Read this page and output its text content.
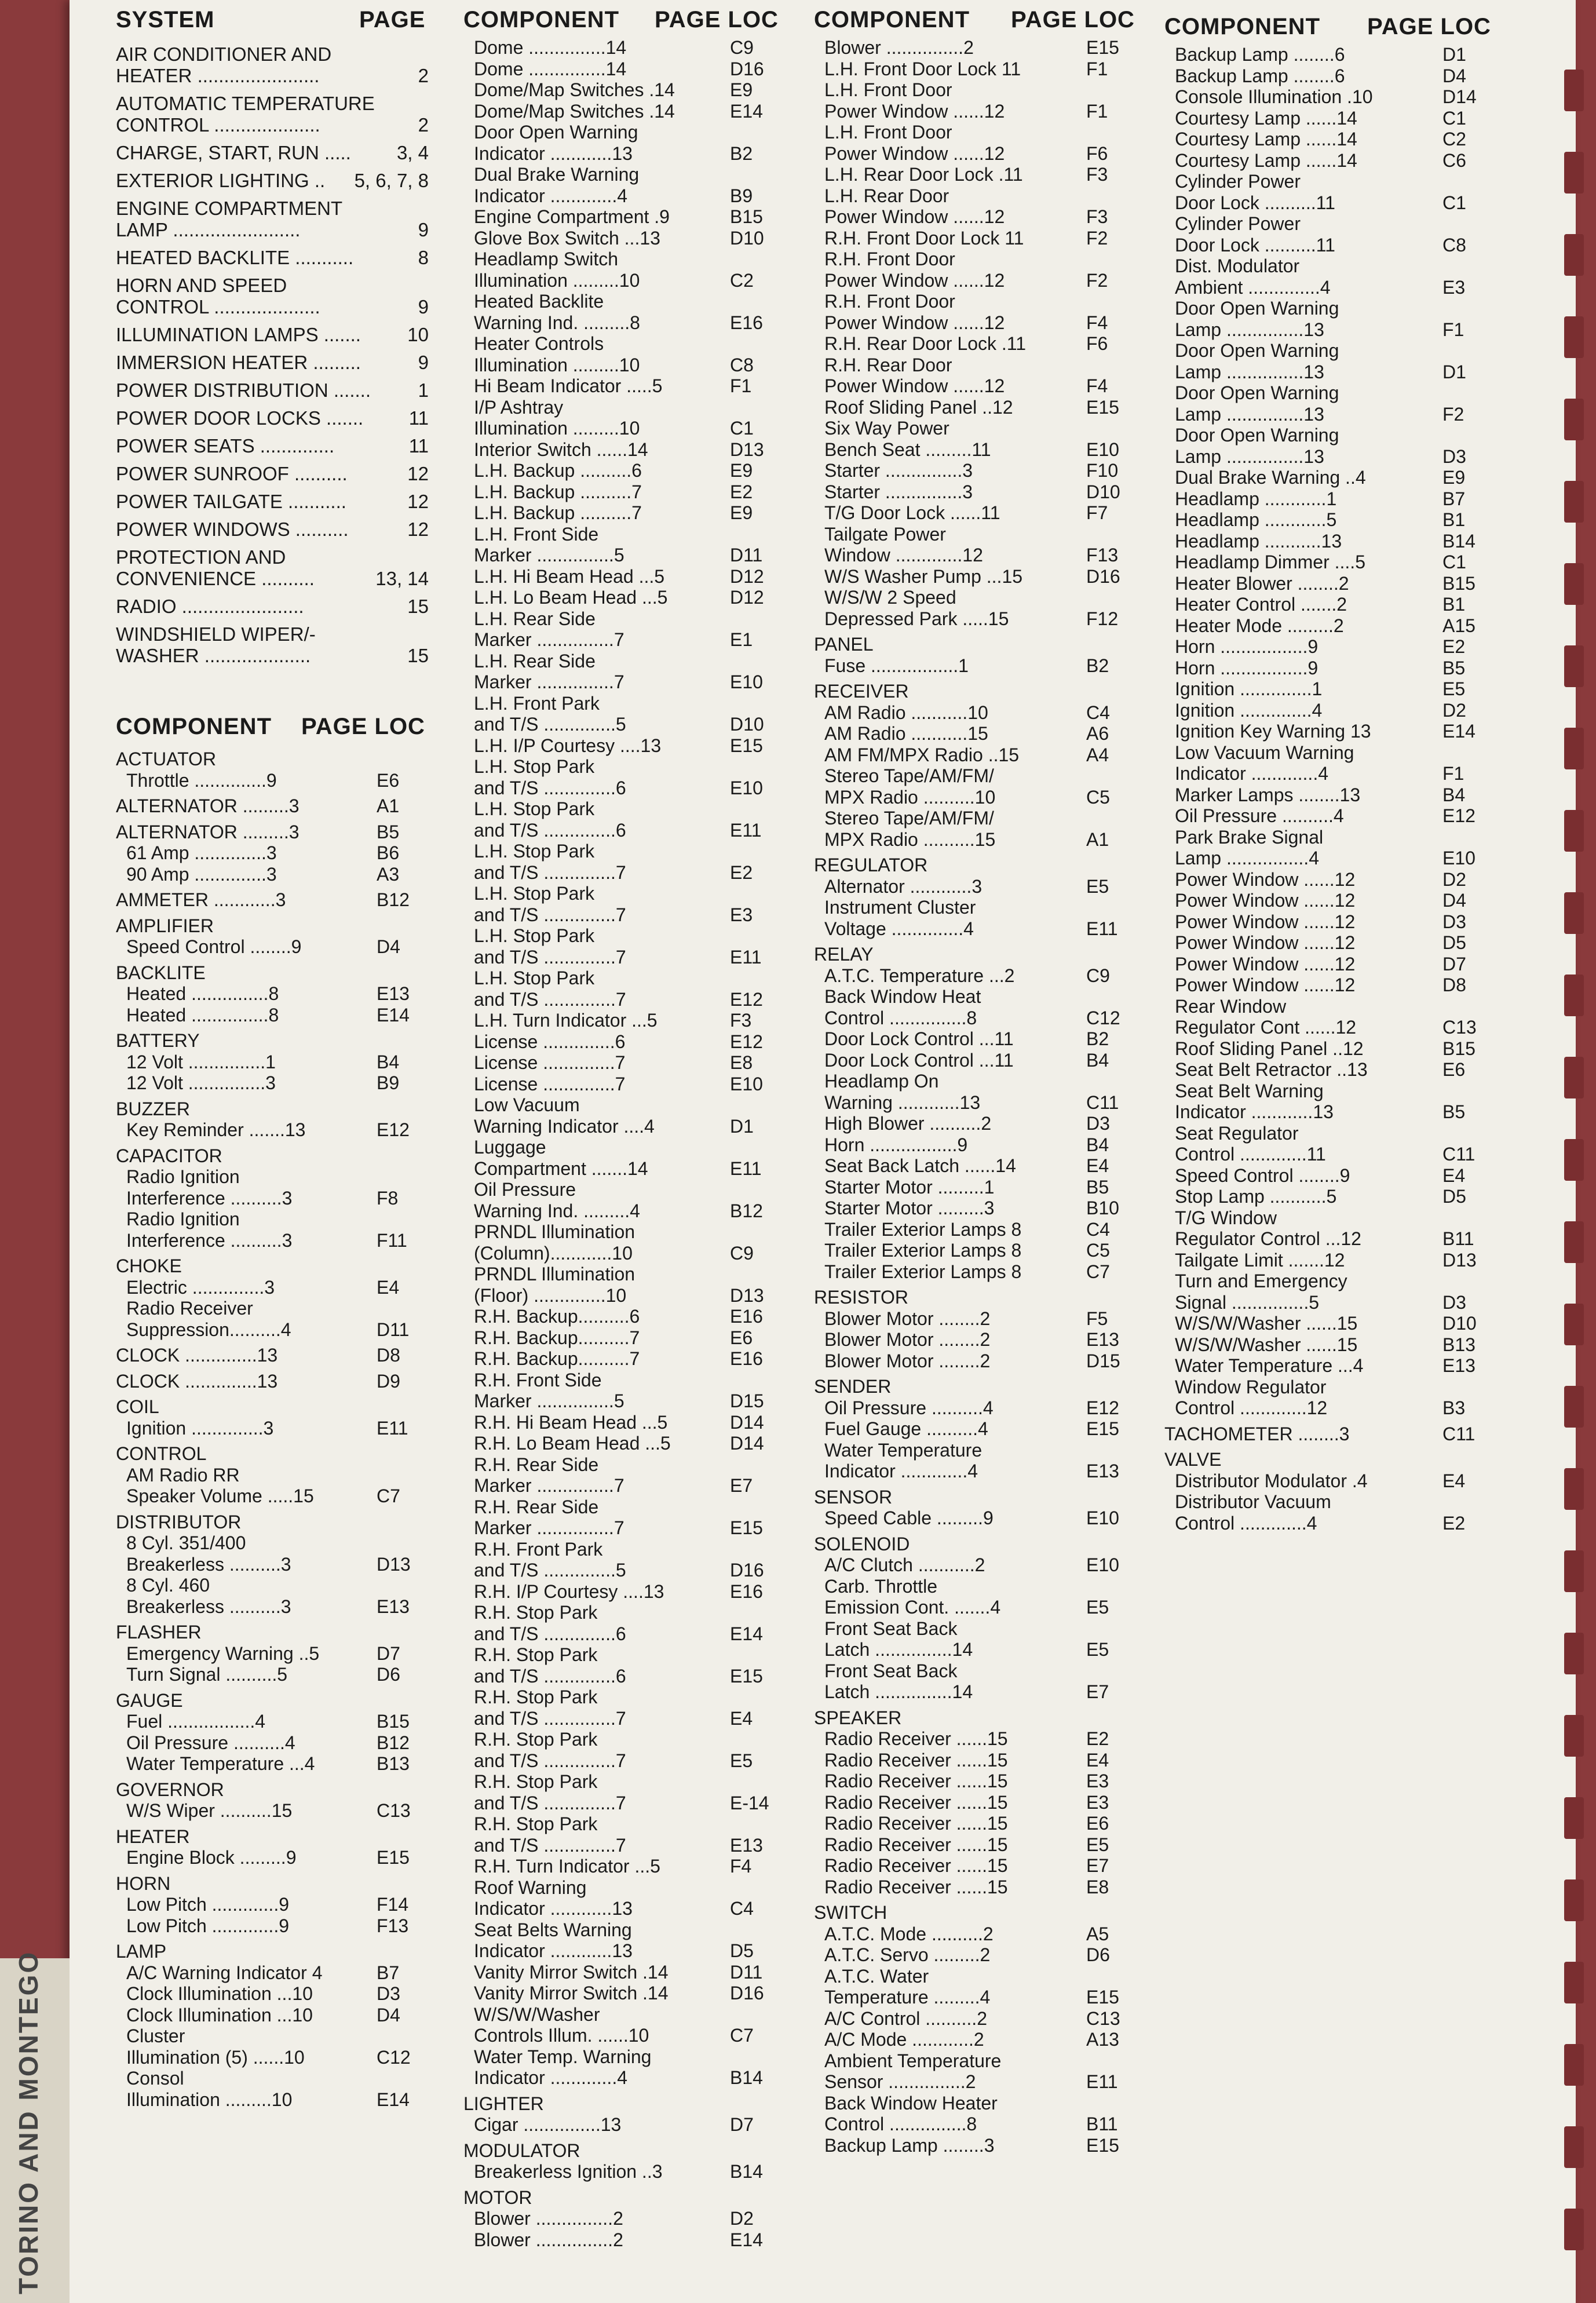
TORINO AND MONTEGO
SYSTEM	PAGE
AIR CONDITIONER AND
HEATER .......................	2
AUTOMATIC TEMPERATURE
CONTROL ....................	2
CHARGE, START, RUN .....	3, 4
EXTERIOR LIGHTING ..	5, 6, 7, 8
ENGINE COMPARTMENT
LAMP ........................	9
HEATED BACKLITE ...........	8
HORN AND SPEED
CONTROL ....................	9
ILLUMINATION LAMPS .......	10
IMMERSION HEATER .........	9
POWER DISTRIBUTION .......	1
POWER DOOR LOCKS .......	11
POWER SEATS ..............	11
POWER SUNROOF ..........	12
POWER TAILGATE ...........	12
POWER WINDOWS ..........	12
PROTECTION AND
CONVENIENCE ..........	13, 14
RADIO .......................	15
WINDSHIELD WIPER/-
WASHER ....................	15
COMPONENT	PAGE LOC
ACTUATOR
Throttle ..............9	E6
ALTERNATOR .........3	A1
ALTERNATOR .........3	B5
61 Amp ..............3	B6
90 Amp ..............3	A3
AMMETER ............3	B12
AMPLIFIER
Speed Control ........9	D4
BACKLITE
Heated ...............8	E13
Heated ...............8	E14
BATTERY
12 Volt ...............1	B4
12 Volt ...............3	B9
BUZZER
Key Reminder .......13	E12
CAPACITOR
Radio Ignition
Interference ..........3	F8
Radio Ignition
Interference ..........3	F11
CHOKE
Electric ..............3	E4
Radio Receiver
Suppression..........4	D11
CLOCK ..............13	D8
CLOCK ..............13	D9
COIL
Ignition ..............3	E11
CONTROL
AM Radio RR
Speaker Volume .....15	C7
DISTRIBUTOR
8 Cyl. 351/400
Breakerless ..........3	D13
8 Cyl. 460
Breakerless ..........3	E13
FLASHER
Emergency Warning ..5	D7
Turn Signal ..........5	D6
GAUGE
Fuel .................4	B15
Oil Pressure ..........4	B12
Water Temperature ...4	B13
GOVERNOR
W/S Wiper ..........15	C13
HEATER
Engine Block .........9	E15
HORN
Low Pitch .............9	F14
Low Pitch .............9	F13
LAMP
A/C Warning Indicator 4	B7
Clock Illumination ...10	D3
Clock Illumination ...10	D4
Cluster
Illumination (5) ......10	C12
Consol
Illumination .........10	E14
COMPONENT	PAGE LOC
Dome ...............14	C9
Dome ...............14	D16
Dome/Map Switches .14	E9
Dome/Map Switches .14	E14
Door Open Warning
Indicator ............13	B2
Dual Brake Warning
Indicator .............4	B9
Engine Compartment .9	B15
Glove Box Switch ...13	D10
Headlamp Switch
Illumination .........10	C2
Heated Backlite
Warning Ind. .........8	E16
Heater Controls
Illumination .........10	C8
Hi Beam Indicator .....5	F1
I/P Ashtray
Illumination .........10	C1
Interior Switch ......14	D13
L.H. Backup ..........6	E9
L.H. Backup ..........7	E2
L.H. Backup ..........7	E9
L.H. Front Side
Marker ...............5	D11
L.H. Hi Beam Head ...5	D12
L.H. Lo Beam Head ...5	D12
L.H. Rear Side
Marker ...............7	E1
L.H. Rear Side
Marker ...............7	E10
L.H. Front Park
and T/S ..............5	D10
L.H. I/P Courtesy ....13	E15
L.H. Stop Park
and T/S ..............6	E10
L.H. Stop Park
and T/S ..............6	E11
L.H. Stop Park
and T/S ..............7	E2
L.H. Stop Park
and T/S ..............7	E3
L.H. Stop Park
and T/S ..............7	E11
L.H. Stop Park
and T/S ..............7	E12
L.H. Turn Indicator ...5	F3
License ..............6	E12
License ..............7	E8
License ..............7	E10
Low Vacuum
Warning Indicator ....4	D1
Luggage
Compartment .......14	E11
Oil Pressure
Warning Ind. .........4	B12
PRNDL Illumination
(Column)............10	C9
PRNDL Illumination
(Floor) ..............10	D13
R.H. Backup..........6	E16
R.H. Backup..........7	E6
R.H. Backup..........7	E16
R.H. Front Side
Marker ...............5	D15
R.H. Hi Beam Head ...5	D14
R.H. Lo Beam Head ...5	D14
R.H. Rear Side
Marker ...............7	E7
R.H. Rear Side
Marker ...............7	E15
R.H. Front Park
and T/S ..............5	D16
R.H. I/P Courtesy ....13	E16
R.H. Stop Park
and T/S ..............6	E14
R.H. Stop Park
and T/S ..............6	E15
R.H. Stop Park
and T/S ..............7	E4
R.H. Stop Park
and T/S ..............7	E5
R.H. Stop Park
and T/S ..............7	E-14
R.H. Stop Park
and T/S ..............7	E13
R.H. Turn Indicator ...5	F4
Roof Warning
Indicator ............13	C4
Seat Belts Warning
Indicator ............13	D5
Vanity Mirror Switch .14	D11
Vanity Mirror Switch .14	D16
W/S/W/Washer
Controls Illum. ......10	C7
Water Temp. Warning
Indicator .............4	B14
LIGHTER
Cigar ...............13	D7
MODULATOR
Breakerless Ignition ..3	B14
MOTOR
Blower ...............2	D2
Blower ...............2	E14
COMPONENT	PAGE LOC
Blower ...............2	E15
L.H. Front Door Lock 11	F1
L.H. Front Door
Power Window ......12	F1
L.H. Front Door
Power Window ......12	F6
L.H. Rear Door Lock .11	F3
L.H. Rear Door
Power Window ......12	F3
R.H. Front Door Lock 11	F2
R.H. Front Door
Power Window ......12	F2
R.H. Front Door
Power Window ......12	F4
R.H. Rear Door Lock .11	F6
R.H. Rear Door
Power Window ......12	F4
Roof Sliding Panel ..12	E15
Six Way Power
Bench Seat .........11	E10
Starter ...............3	F10
Starter ...............3	D10
T/G Door Lock ......11	F7
Tailgate Power
Window .............12	F13
W/S Washer Pump ...15	D16
W/S/W 2 Speed
Depressed Park .....15	F12
PANEL
Fuse .................1	B2
RECEIVER
AM Radio ...........10	C4
AM Radio ...........15	A6
AM FM/MPX Radio ..15	A4
Stereo Tape/AM/FM/
MPX Radio ..........10	C5
Stereo Tape/AM/FM/
MPX Radio ..........15	A1
REGULATOR
Alternator ............3	E5
Instrument Cluster
Voltage ..............4	E11
RELAY
A.T.C. Temperature ...2	C9
Back Window Heat
Control ...............8	C12
Door Lock Control ...11	B2
Door Lock Control ...11	B4
Headlamp On
Warning ............13	C11
High Blower ..........2	D3
Horn .................9	B4
Seat Back Latch ......14	E4
Starter Motor .........1	B5
Starter Motor .........3	B10
Trailer Exterior Lamps 8	C4
Trailer Exterior Lamps 8	C5
Trailer Exterior Lamps 8	C7
RESISTOR
Blower Motor ........2	F5
Blower Motor ........2	E13
Blower Motor ........2	D15
SENDER
Oil Pressure ..........4	E12
Fuel Gauge ..........4	E15
Water Temperature
Indicator .............4	E13
SENSOR
Speed Cable .........9	E10
SOLENOID
A/C Clutch ...........2	E10
Carb. Throttle
Emission Cont. .......4	E5
Front Seat Back
Latch ...............14	E5
Front Seat Back
Latch ...............14	E7
SPEAKER
Radio Receiver ......15	E2
Radio Receiver ......15	E4
Radio Receiver ......15	E3
Radio Receiver ......15	E3
Radio Receiver ......15	E6
Radio Receiver ......15	E5
Radio Receiver ......15	E7
Radio Receiver ......15	E8
SWITCH
A.T.C. Mode ..........2	A5
A.T.C. Servo .........2	D6
A.T.C. Water
Temperature .........4	E15
A/C Control ..........2	C13
A/C Mode ............2	A13
Ambient Temperature
Sensor ...............2	E11
Back Window Heater
Control ...............8	B11
Backup Lamp ........3	E15
COMPONENT	PAGE LOC
Backup Lamp ........6	D1
Backup Lamp ........6	D4
Console Illumination .10	D14
Courtesy Lamp ......14	C1
Courtesy Lamp ......14	C2
Courtesy Lamp ......14	C6
Cylinder Power
Door Lock ..........11	C1
Cylinder Power
Door Lock ..........11	C8
Dist. Modulator
Ambient ..............4	E3
Door Open Warning
Lamp ...............13	F1
Door Open Warning
Lamp ...............13	D1
Door Open Warning
Lamp ...............13	F2
Door Open Warning
Lamp ...............13	D3
Dual Brake Warning ..4	E9
Headlamp ............1	B7
Headlamp ............5	B1
Headlamp ...........13	B14
Headlamp Dimmer ....5	C1
Heater Blower ........2	B15
Heater Control .......2	B1
Heater Mode .........2	A15
Horn .................9	E2
Horn .................9	B5
Ignition ..............1	E5
Ignition ..............4	D2
Ignition Key Warning 13	E14
Low Vacuum Warning
Indicator .............4	F1
Marker Lamps ........13	B4
Oil Pressure ..........4	E12
Park Brake Signal
Lamp ................4	E10
Power Window ......12	D2
Power Window ......12	D4
Power Window ......12	D3
Power Window ......12	D5
Power Window ......12	D7
Power Window ......12	D8
Rear Window
Regulator Cont ......12	C13
Roof Sliding Panel ..12	B15
Seat Belt Retractor ..13	E6
Seat Belt Warning
Indicator ............13	B5
Seat Regulator
Control .............11	C11
Speed Control ........9	E4
Stop Lamp ...........5	D5
T/G Window
Regulator Control ...12	B11
Tailgate Limit .......12	D13
Turn and Emergency
Signal ...............5	D3
W/S/W/Washer ......15	D10
W/S/W/Washer ......15	B13
Water Temperature ...4	E13
Window Regulator
Control .............12	B3
TACHOMETER ........3	C11
VALVE
Distributor Modulator .4	E4
Distributor Vacuum
Control .............4	E2
